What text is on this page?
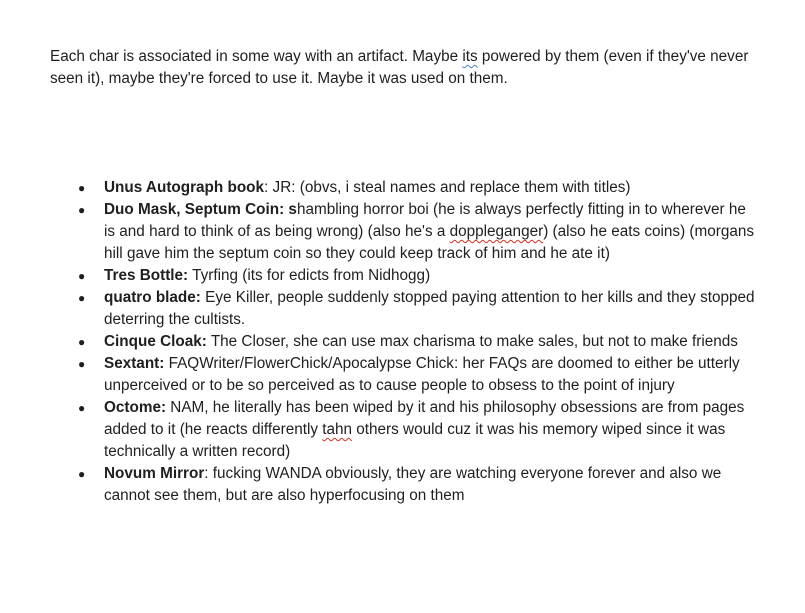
Each char is associated in some way with an artifact. Maybe its powered by them (even if they've never seen it), maybe they're forced to use it. Maybe it was used on them.

● Unus Autograph book: JR: (obvs, i steal names and replace them with titles)
● Duo Mask, Septum Coin: shambling horror boi (he is always perfectly fitting in to wherever he is and hard to think of as being wrong) (also he's a doppleganger) (also he eats coins) (morgans hill gave him the septum coin so they could keep track of him and he ate it)
● Tres Bottle: Tyrfing (its for edicts from Nidhogg)
● quatro blade: Eye Killer, people suddenly stopped paying attention to her kills and they stopped deterring the cultists.
● Cinque Cloak: The Closer, she can use max charisma to make sales, but not to make friends
● Sextant: FAQWriter/FlowerChick/Apocalypse Chick: her FAQs are doomed to either be utterly unperceived or to be so perceived as to cause people to obsess to the point of injury
● Octome: NAM, he literally has been wiped by it and his philosophy obsessions are from pages added to it (he reacts differently tahn others would cuz it was his memory wiped since it was technically a written record)
● Novum Mirror: fucking WANDA obviously, they are watching everyone forever and also we cannot see them, but are also hyperfocusing on them
